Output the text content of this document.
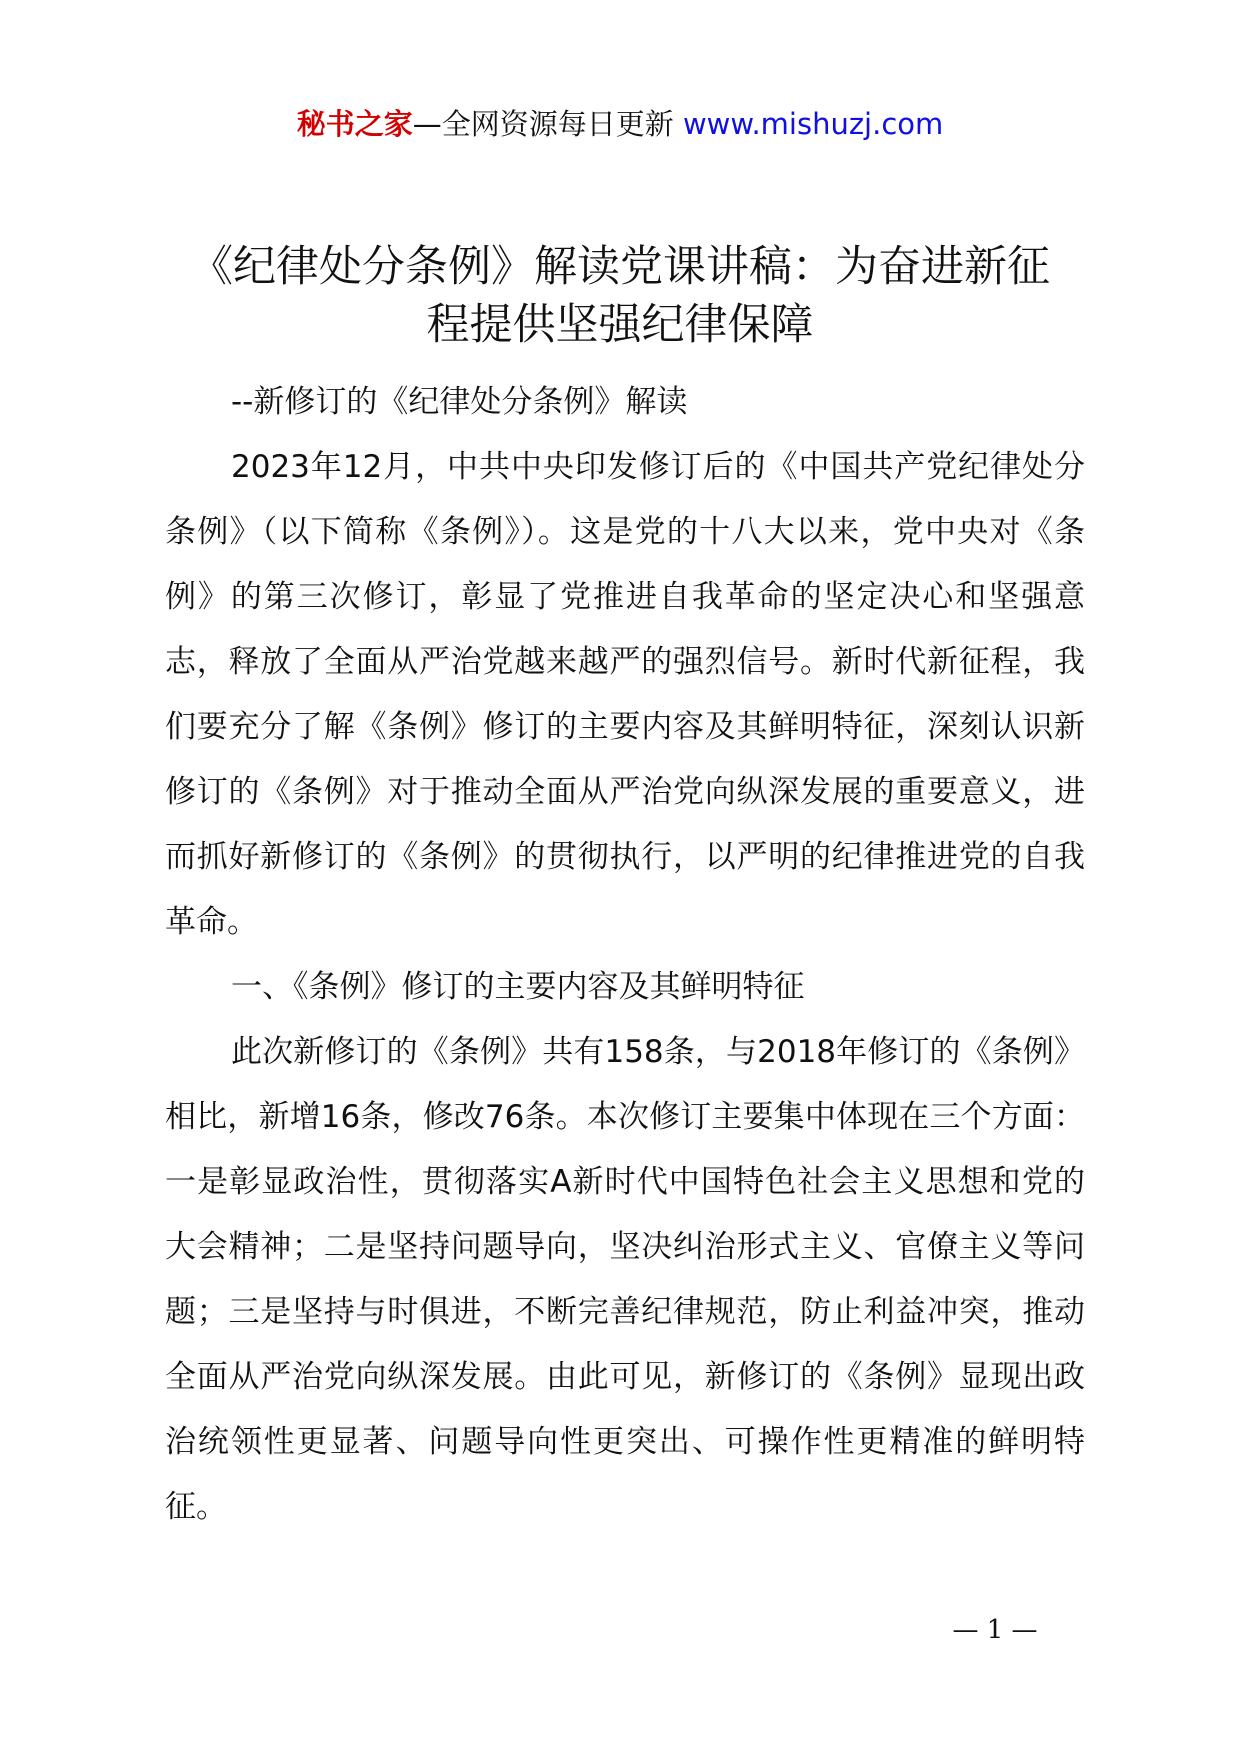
秘书之家—全网资源每日更新 www.mishuzj.com
《纪律处分条例》解读党课讲稿：为奋进新征
程提供坚强纪律保障

--新修订的《纪律处分条例》解读

2023年12月，中共中央印发修订后的《中国共产党纪律处分条例》（以下简称《条例》）。这是党的十八大以来，党中央对《条例》的第三次修订，彰显了党推进自我革命的坚定决心和坚强意志，释放了全面从严治党越来越严的强烈信号。新时代新征程，我们要充分了解《条例》修订的主要内容及其鲜明特征，深刻认识新修订的《条例》对于推动全面从严治党向纵深发展的重要意义，进而抓好新修订的《条例》的贯彻执行，以严明的纪律推进党的自我革命。

一、《条例》修订的主要内容及其鲜明特征

此次新修订的《条例》共有158条，与2018年修订的《条例》相比，新增16条，修改76条。本次修订主要集中体现在三个方面：一是彰显政治性，贯彻落实A新时代中国特色社会主义思想和党的大会精神；二是坚持问题导向，坚决纠治形式主义、官僚主义等问题；三是坚持与时俱进，不断完善纪律规范，防止利益冲突，推动全面从严治党向纵深发展。由此可见，新修订的《条例》显现出政治统领性更显著、问题导向性更突出、可操作性更精准的鲜明特征。

— 1 —
